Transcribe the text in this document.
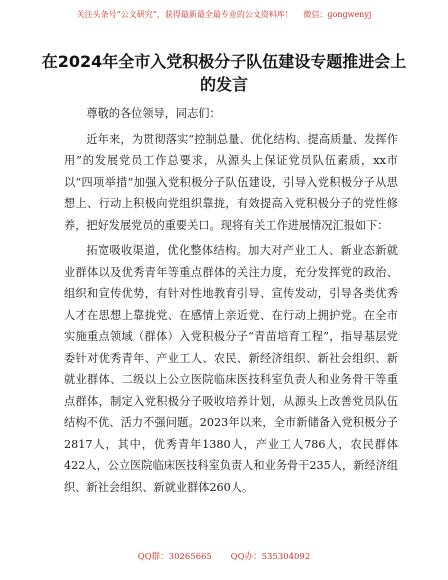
关注头条号“公文研究”，获得最新最全最专业的公文资料库！ 微信：gongwenyj
在2024年全市入党积极分子队伍建设专题推进会上的发言

尊敬的各位领导，同志们：

近年来，为贯彻落实“控制总量、优化结构、提高质量、发挥作用”的发展党员工作总要求，从源头上保证党员队伍素质，xx市以“四项举措”加强入党积极分子队伍建设，引导入党积极分子从思想上、行动上积极向党组织靠拢，有效提高入党积极分子的党性修养，把好发展党员的重要关口。现将有关工作进展情况汇报如下：

拓宽吸收渠道，优化整体结构。加大对产业工人、新业态新就业群体以及优秀青年等重点群体的关注力度，充分发挥党的政治、组织和宣传优势，有针对性地教育引导、宣传发动，引导各类优秀人才在思想上靠拢党、在感情上亲近党、在行动上拥护党。在全市实施重点领域（群体）入党积极分子“青苗培育工程”，指导基层党委针对优秀青年、产业工人、农民、新经济组织、新社会组织、新就业群体、二级以上公立医院临床医技科室负责人和业务骨干等重点群体，制定入党积极分子吸收培养计划，从源头上改善党员队伍结构不优、活力不强问题。2023年以来，全市新储备入党积极分子2817人，其中，优秀青年1380人，产业工人786人，农民群体422人，公立医院临床医技科室负责人和业务骨干235人，新经济组织、新社会组织、新就业群体260人。

QQ群：30265665 QQ办：535304092
